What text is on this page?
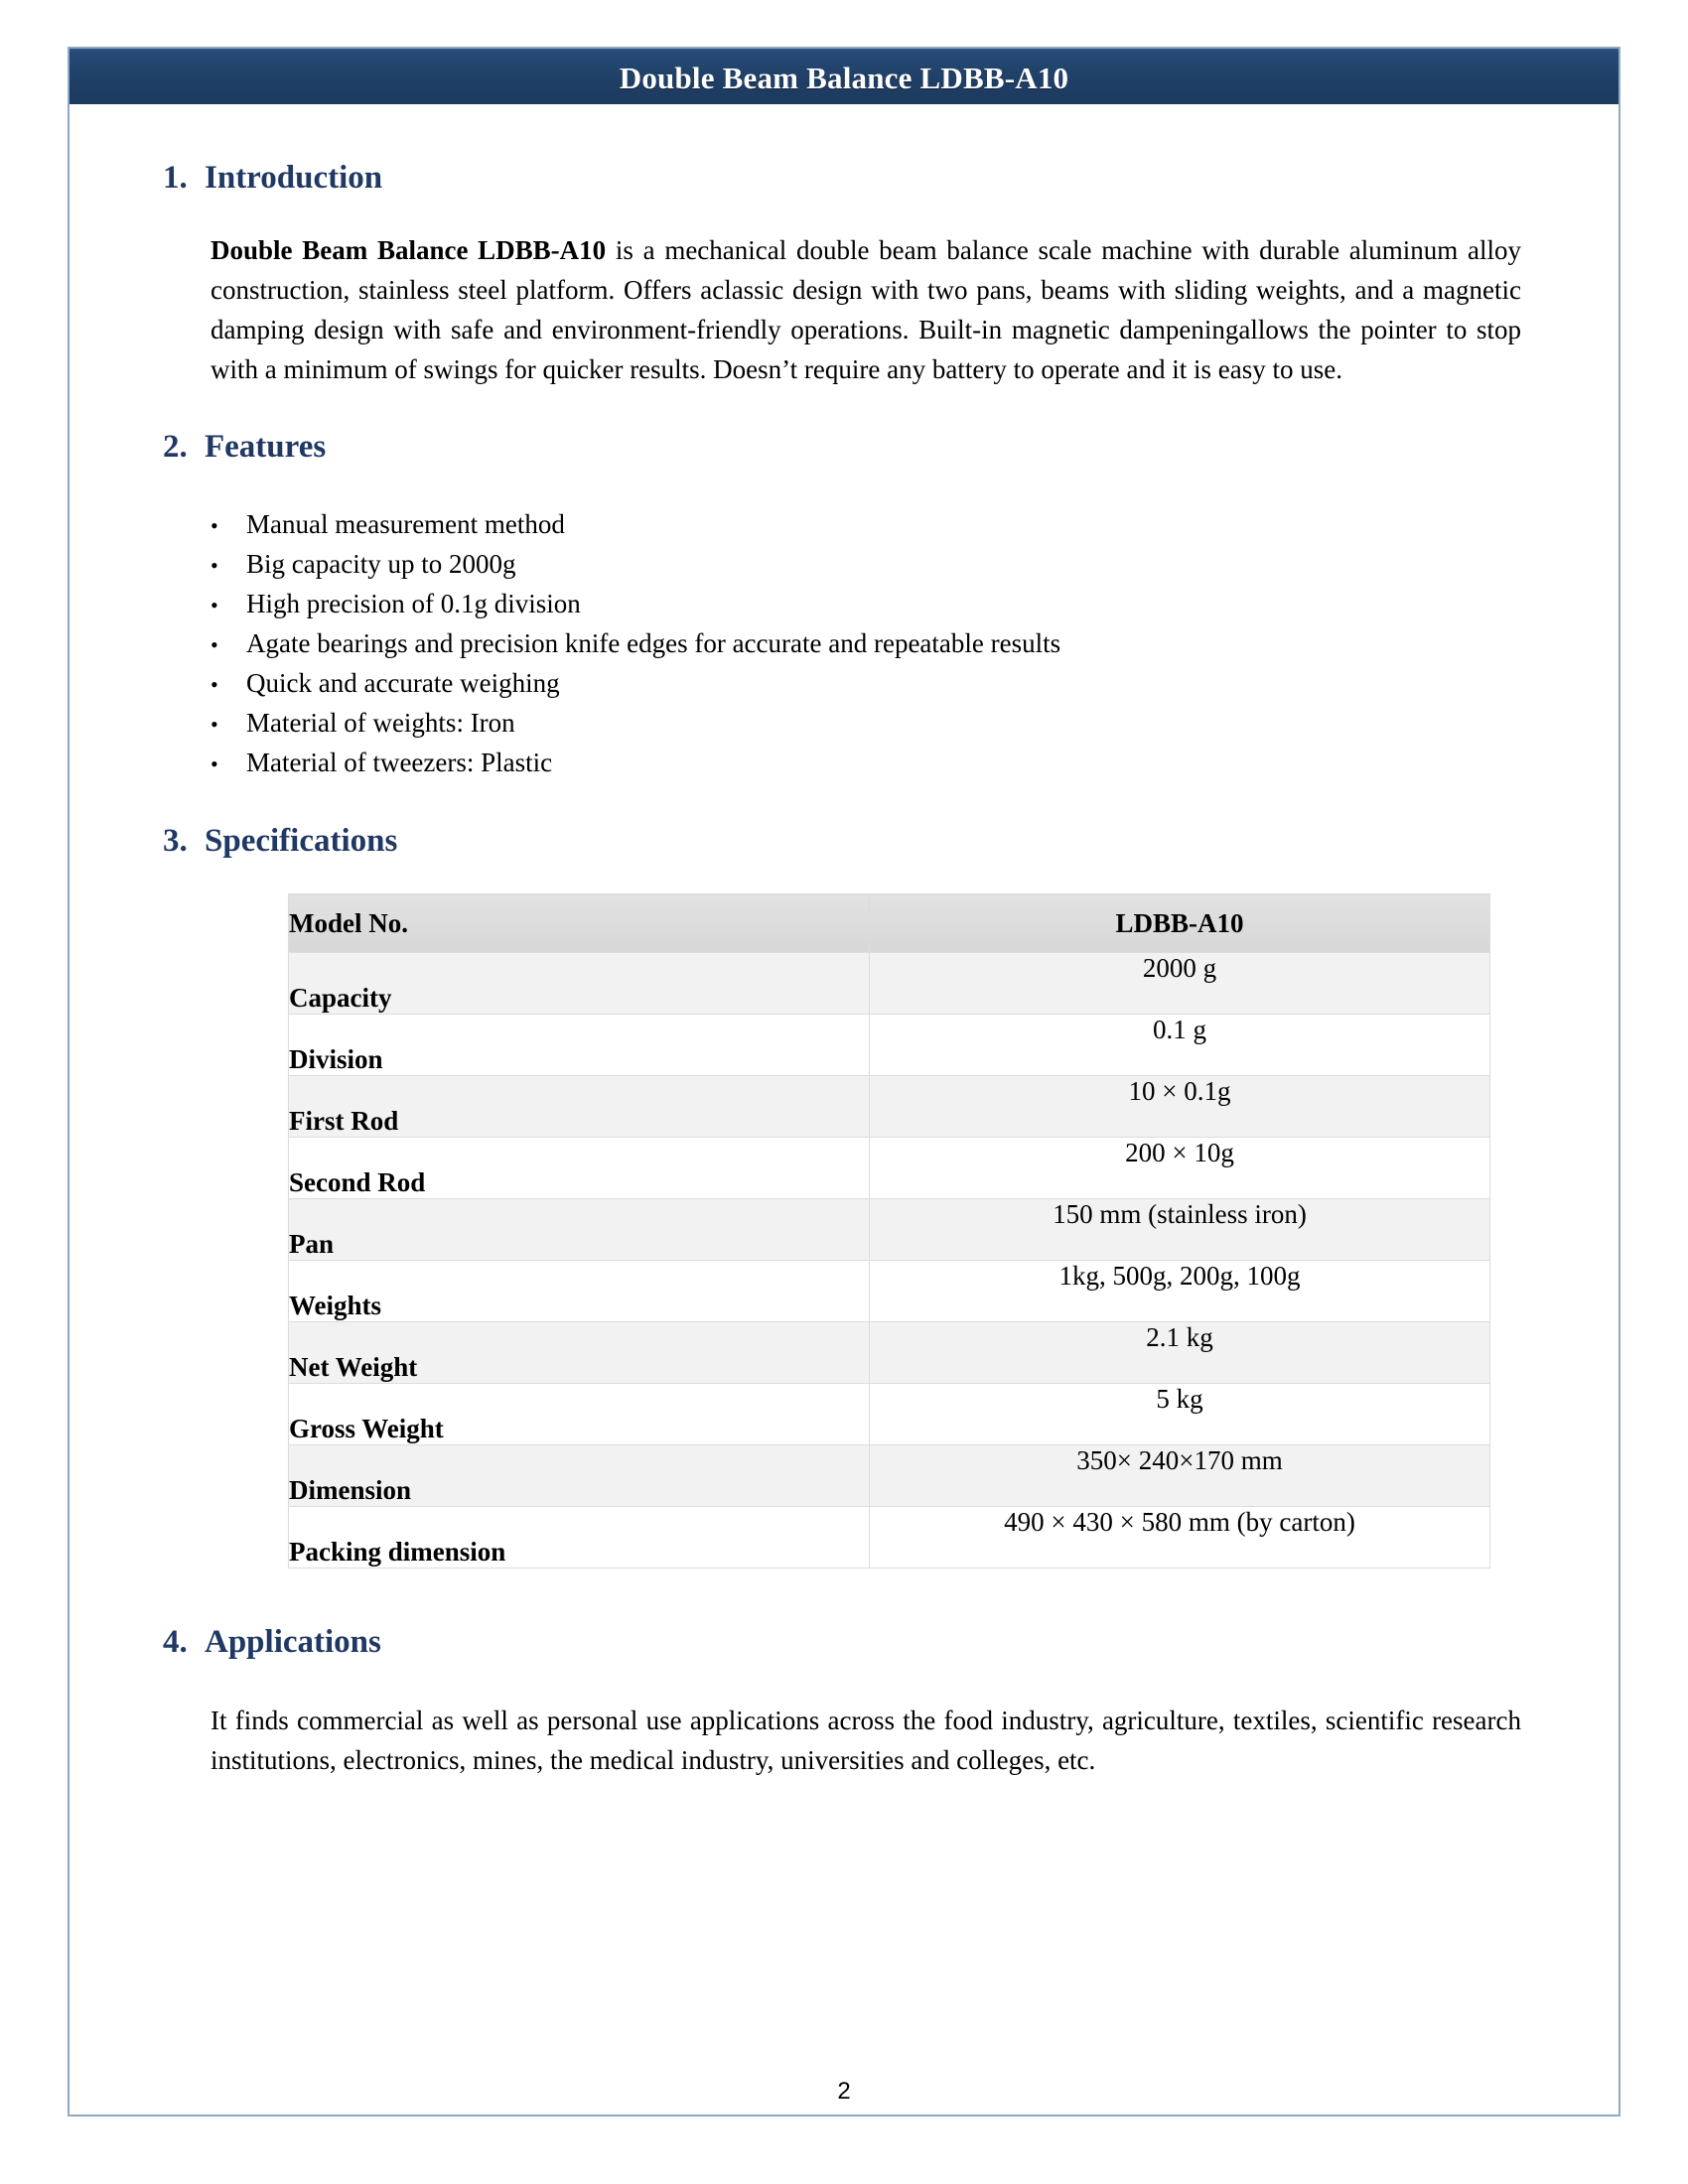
Double Beam Balance LDBB-A10
1. Introduction

Double Beam Balance LDBB-A10 is a mechanical double beam balance scale machine with durable aluminum alloy construction, stainless steel platform. Offers aclassic design with two pans, beams with sliding weights, and a magnetic damping design with safe and environment-friendly operations. Built-in magnetic dampeningallows the pointer to stop with a minimum of swings for quicker results. Doesn’t require any battery to operate and it is easy to use.

2. Features
•	Manual measurement method
•	Big capacity up to 2000g
•	High precision of 0.1g division
•	Agate bearings and precision knife edges for accurate and repeatable results
•	Quick and accurate weighing
•	Material of weights: Iron
•	Material of tweezers: Plastic
3. Specifications
Model No.	LDBB-A10
Capacity	2000 g
Division	0.1 g
First Rod	10 × 0.1g
Second Rod	200 × 10g
Pan	150 mm (stainless iron)
Weights	1kg, 500g, 200g, 100g
Net Weight	2.1 kg
Gross Weight	5 kg
Dimension	350× 240×170 mm
Packing dimension	490 × 430 × 580 mm (by carton)
4. Applications

It finds commercial as well as personal use applications across the food industry, agriculture, textiles, scientific research institutions, electronics, mines, the medical industry, universities and colleges, etc.

2
